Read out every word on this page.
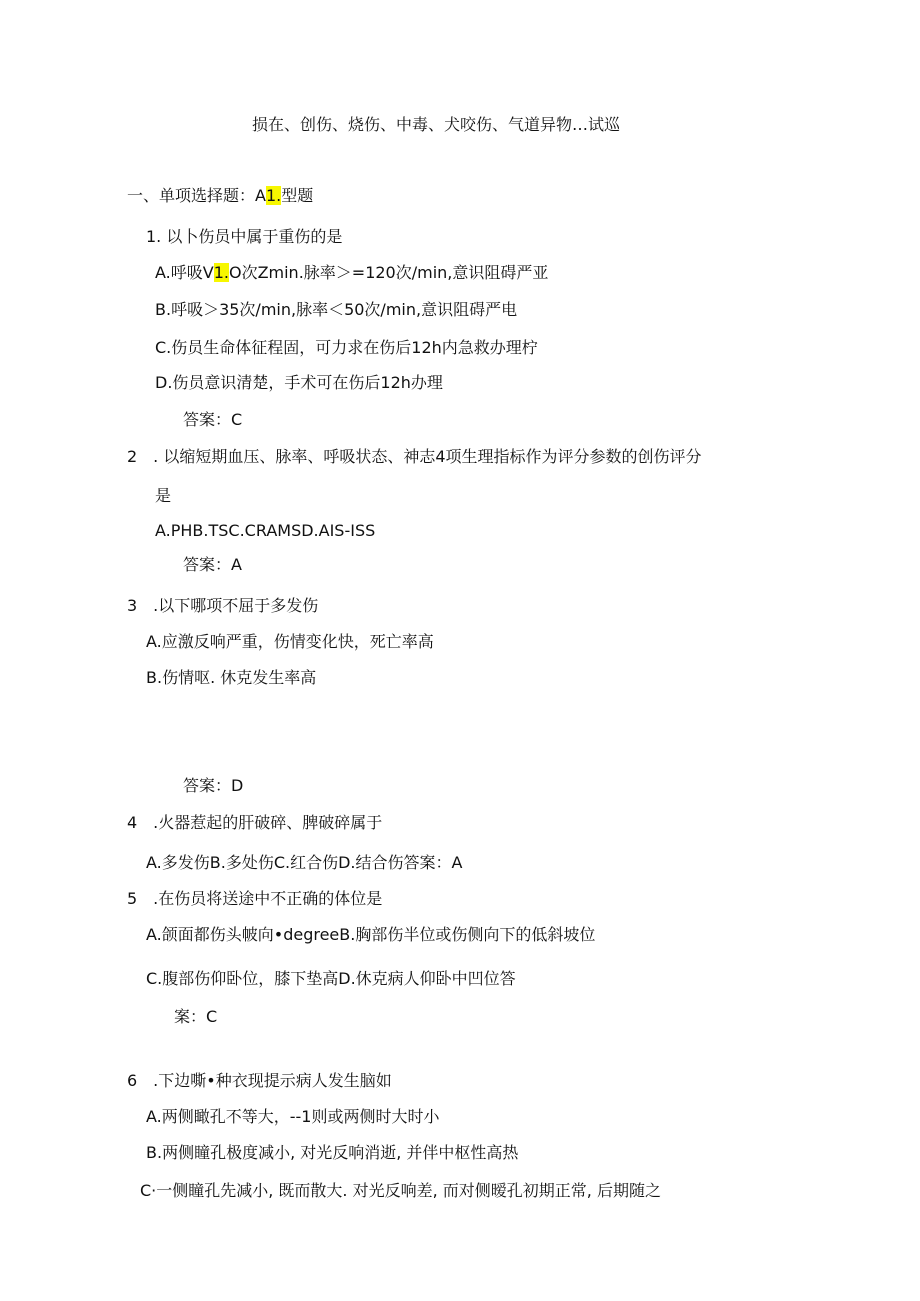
损在、创伤、烧伤、中毒、犬咬伤、气道异物…试巡
一、单项选择题：A1.型题
1. 以卜伤员中属于重伤的是
A.呼吸V1.O次Zmin.脉率＞=120次/min,意识阻碍严亚
B.呼吸＞35次/min,脉率＜50次/min,意识阻碍严电
C.伤员生命体征程固，可力求在伤后12h内急救办理柠
D.伤员意识清楚，手术可在伤后12h办理
答案：C
2　. 以缩短期血压、脉率、呼吸状态、神志4项生理指标作为评分参数的创伤评分
是
A.PHB.TSC.CRAMSD.AIS-ISS
答案：A
3　.以下哪项不屈于多发伤
A.应激反响严重，伤情变化快，死亡率高
B.伤情呕. 休克发生率高
答案：D
4　.火器惹起的肝破碎、脾破碎属于
A.多发伤B.多处伤C.红合伤D.结合伤答案：A
5　.在伤员将送途中不正确的体位是
A.颌面都伤头帔向•degreeB.胸部伤半位或伤侧向下的低斜坡位
C.腹部伤仰卧位，膝下垫高D.休克病人仰卧中凹位答
案：C
6　.下边嘶•种衣现提示病人发生脑如
A.两侧瞰孔不等大，--1则或两侧时大时小
B.两侧瞳孔极度减小, 对光反响消逝, 并伴中枢性高热
C·一侧瞳孔先减小, 既而散大. 对光反响差, 而对侧暧孔初期正常, 后期随之
